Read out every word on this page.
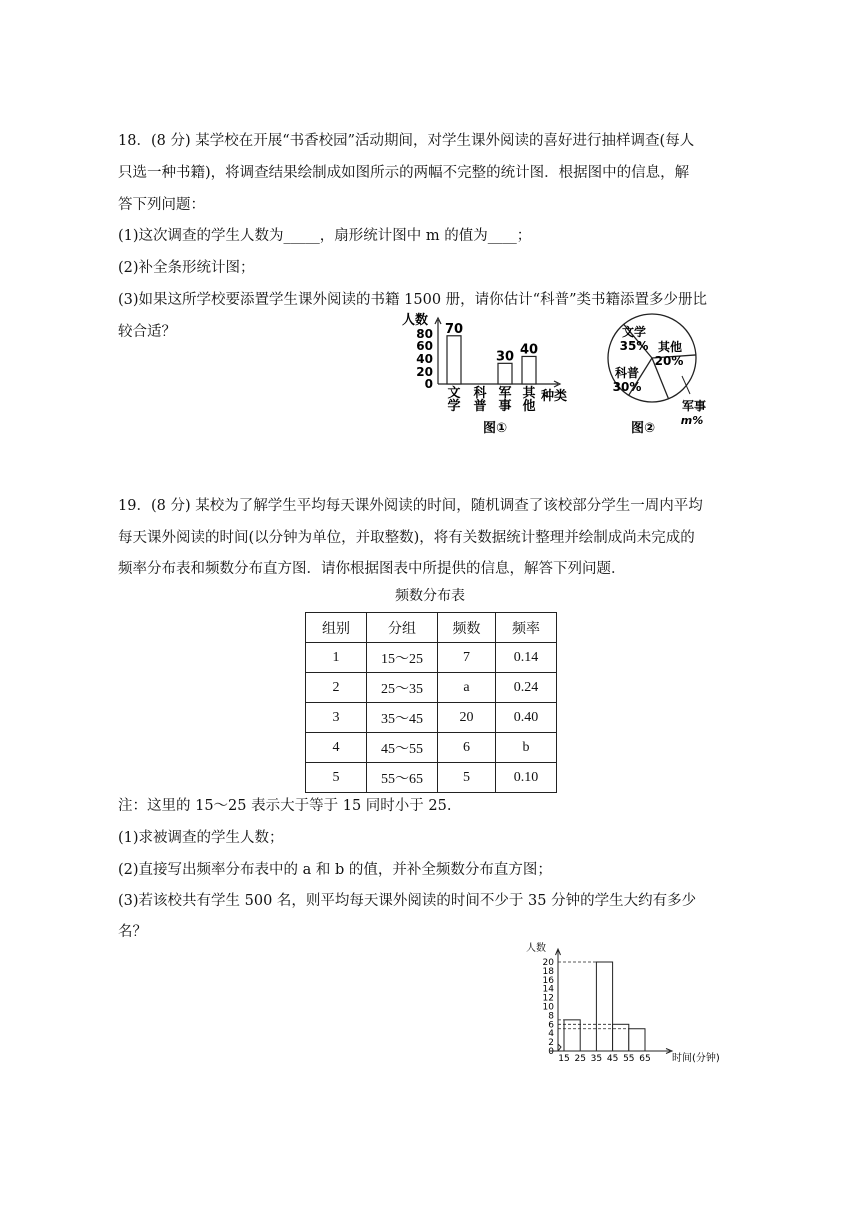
18．(8 分) 某学校在开展“书香校园”活动期间，对学生课外阅读的喜好进行抽样调查(每人
只选一种书籍)，将调查结果绘制成如图所示的两幅不完整的统计图．根据图中的信息，解
答下列问题：
(1)这次调查的学生人数为_____，扇形统计图中 m 的值为____；
(2)补全条形统计图；
(3)如果这所学校要添置学生课外阅读的书籍 1500 册，请你估计“科普”类书籍添置多少册比
较合适？
人数
种类
80
60
40
20
0
70
文
学
科
普
30
军
事
40
其
他
图①
文学
35% 其他
20%
科普
30%
军事
m%
图②
19．(8 分) 某校为了解学生平均每天课外阅读的时间，随机调查了该校部分学生一周内平均
每天课外阅读的时间(以分钟为单位，并取整数)，将有关数据统计整理并绘制成尚未完成的
频率分布表和频数分布直方图．请你根据图表中所提供的信息，解答下列问题．
频数分布表
组别	分组	频数	频率
1	15～25	7	0.14
2	25～35	a	0.24
3	35～45	20	0.40
4	45～55	6	b
5	55～65	5	0.10
注：这里的 15～25 表示大于等于 15 同时小于 25.
(1)求被调查的学生人数；
(2)直接写出频率分布表中的 a 和 b 的值，并补全频数分布直方图；
(3)若该校共有学生 500 名，则平均每天课外阅读的时间不少于 35 分钟的学生大约有多少
名？
人数
时间(分钟)
20
18
16
14
12
10
8
6
4
2
0
15 25 35 45 55 65
